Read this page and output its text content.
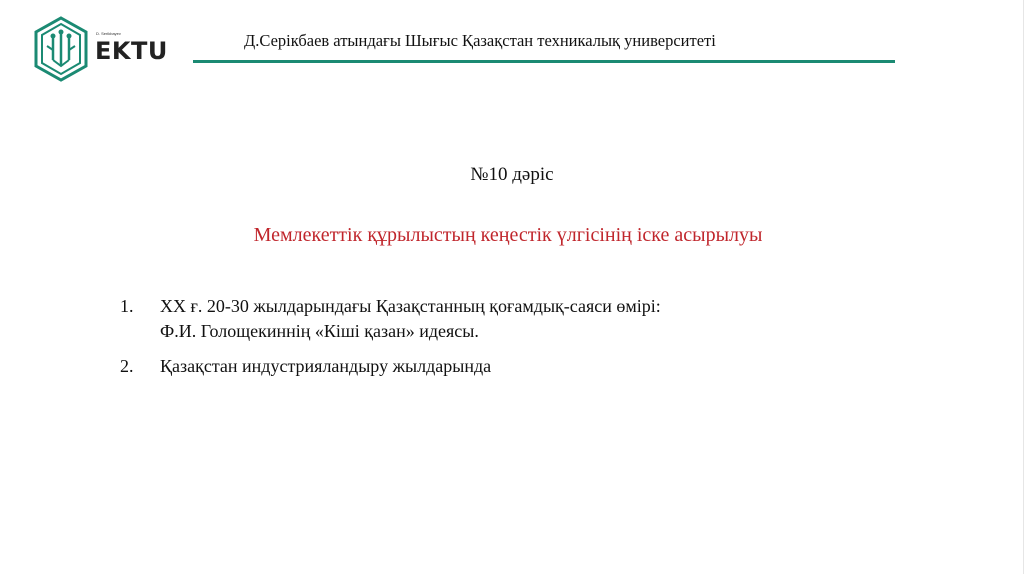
D. Serikbayev
EKTU	Д.Серікбаев атындағы Шығыс Қазақстан техникалық университеті
№10 дәріс
Мемлекеттік құрылыстың кеңестік үлгісінің іске асырылуы
1. ХХ ғ. 20-30 жылдарындағы Қазақстанның қоғамдық-саяси өмірі:
Ф.И. Голощекиннің «Кіші қазан» идеясы.
2. Қазақстан индустрияландыру жылдарында
